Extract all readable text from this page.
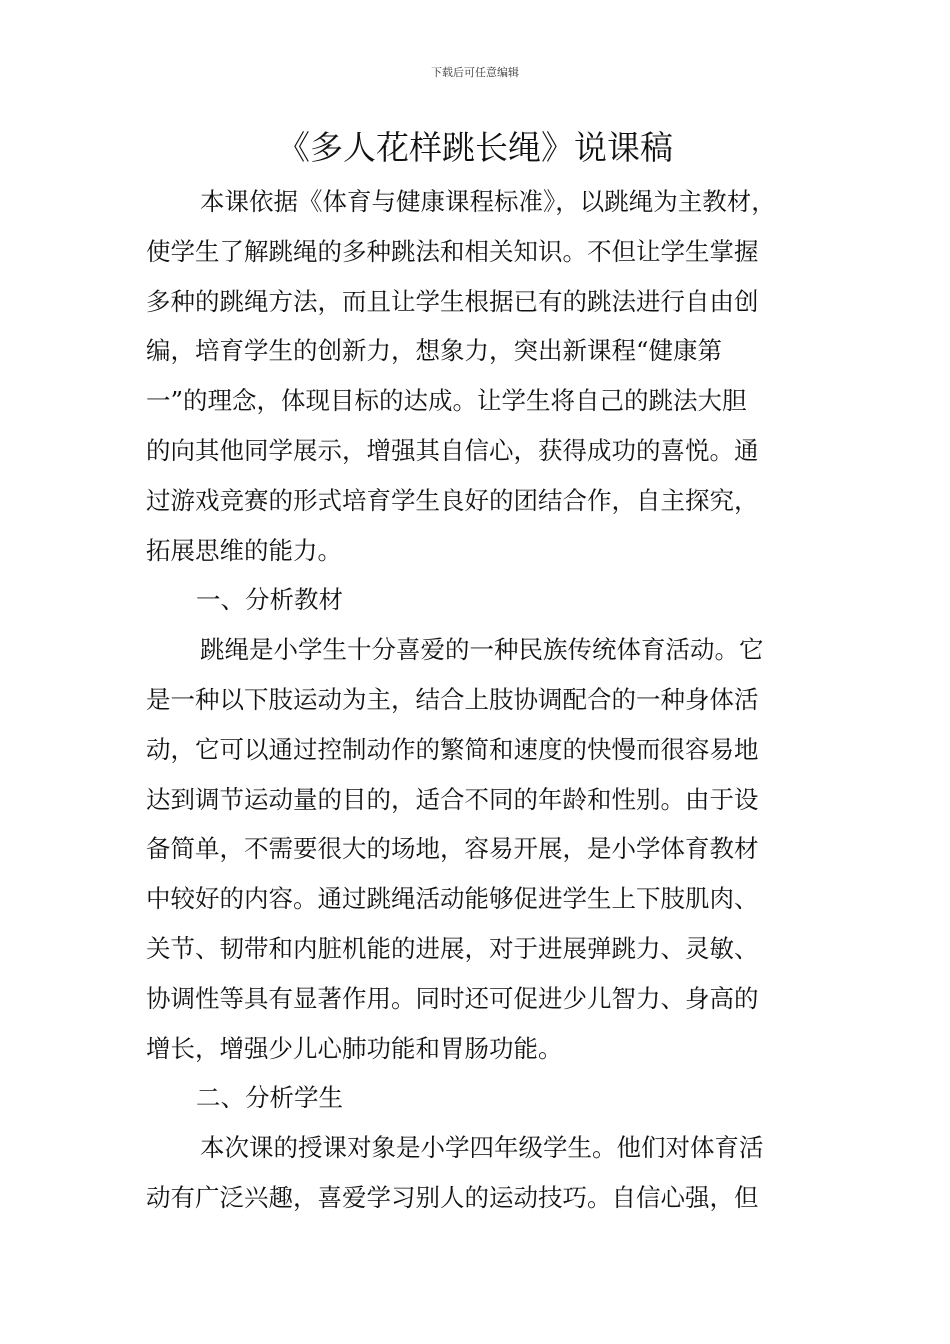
下载后可任意编辑
《多人花样跳长绳》说课稿
本课依据《体育与健康课程标准》，以跳绳为主教材，
使学生了解跳绳的多种跳法和相关知识。不但让学生掌握
多种的跳绳方法，而且让学生根据已有的跳法进行自由创
编，培育学生的创新力，想象力，突出新课程“健康第
一”的理念，体现目标的达成。让学生将自己的跳法大胆
的向其他同学展示，增强其自信心，获得成功的喜悦。通
过游戏竞赛的形式培育学生良好的团结合作，自主探究，
拓展思维的能力。
一、分析教材
跳绳是小学生十分喜爱的一种民族传统体育活动。它
是一种以下肢运动为主，结合上肢协调配合的一种身体活
动，它可以通过控制动作的繁简和速度的快慢而很容易地
达到调节运动量的目的，适合不同的年龄和性别。由于设
备简单，不需要很大的场地，容易开展，是小学体育教材
中较好的内容。通过跳绳活动能够促进学生上下肢肌肉、
关节、韧带和内脏机能的进展，对于进展弹跳力、灵敏、
协调性等具有显著作用。同时还可促进少儿智力、身高的
增长，增强少儿心肺功能和胃肠功能。
二、分析学生
本次课的授课对象是小学四年级学生。他们对体育活
动有广泛兴趣，喜爱学习别人的运动技巧。自信心强，但
